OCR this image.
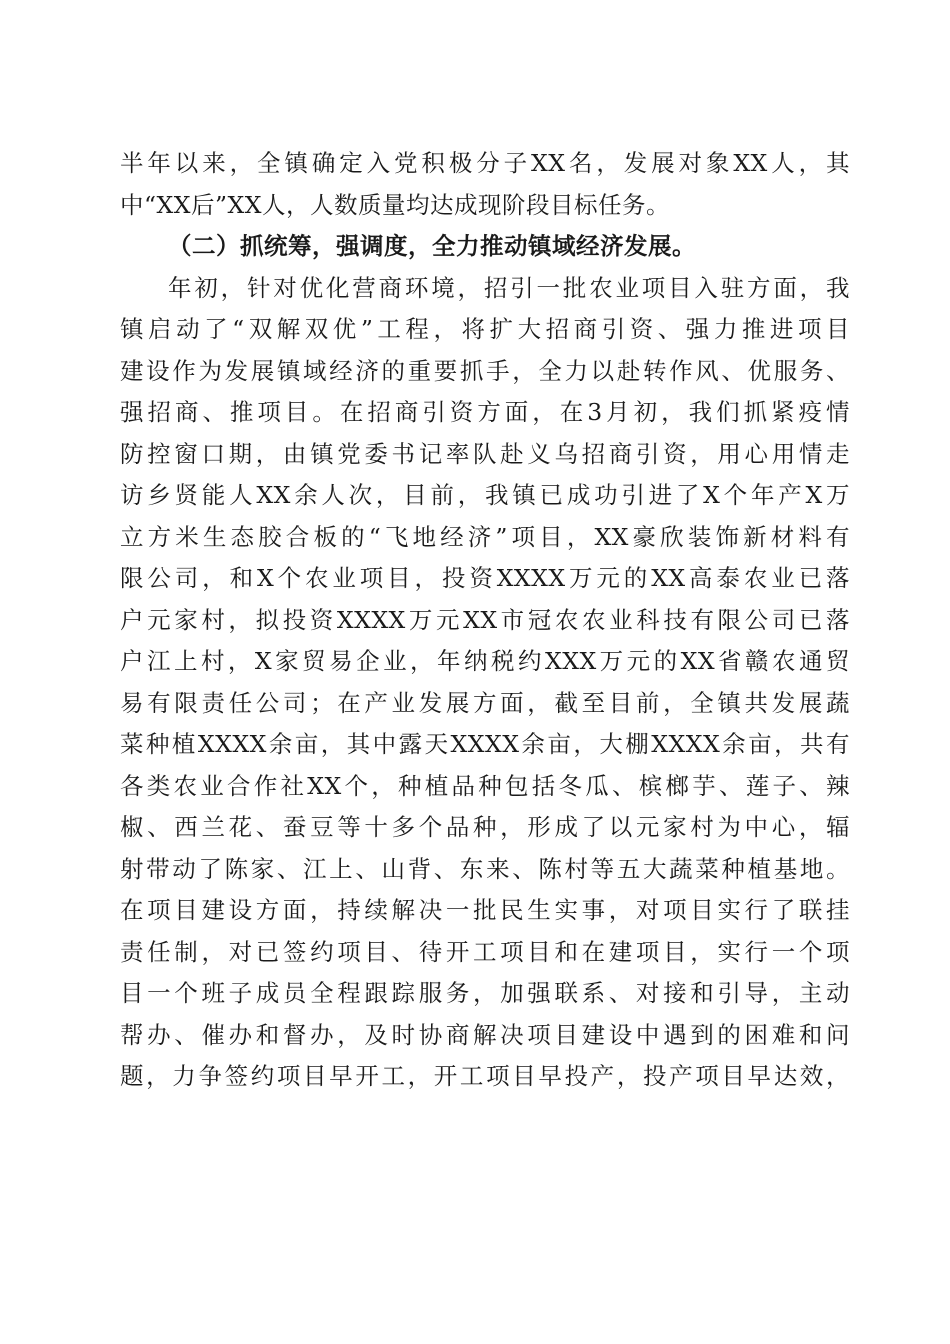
半年以来，全镇确定入党积极分子XX名，发展对象XX人，其
中“XX后”XX人，人数质量均达成现阶段目标任务。
（二）抓统筹，强调度，全力推动镇域经济发展。
年初，针对优化营商环境，招引一批农业项目入驻方面，我
镇启动了“双解双优”工程，将扩大招商引资、强力推进项目
建设作为发展镇域经济的重要抓手，全力以赴转作风、优服务、
强招商、推项目。在招商引资方面，在3月初，我们抓紧疫情
防控窗口期，由镇党委书记率队赴义乌招商引资，用心用情走
访乡贤能人XX余人次，目前，我镇已成功引进了X个年产X万
立方米生态胶合板的“飞地经济”项目，XX豪欣装饰新材料有
限公司，和X个农业项目，投资XXXX万元的XX高泰农业已落
户元家村，拟投资XXXX万元XX市冠农农业科技有限公司已落
户江上村，X家贸易企业，年纳税约XXX万元的XX省赣农通贸
易有限责任公司；在产业发展方面，截至目前，全镇共发展蔬
菜种植XXXX余亩，其中露天XXXX余亩，大棚XXXX余亩，共有
各类农业合作社XX个，种植品种包括冬瓜、槟榔芋、莲子、辣
椒、西兰花、蚕豆等十多个品种，形成了以元家村为中心，辐
射带动了陈家、江上、山背、东来、陈村等五大蔬菜种植基地。
在项目建设方面，持续解决一批民生实事，对项目实行了联挂
责任制，对已签约项目、待开工项目和在建项目，实行一个项
目一个班子成员全程跟踪服务，加强联系、对接和引导，主动
帮办、催办和督办，及时协商解决项目建设中遇到的困难和问
题，力争签约项目早开工，开工项目早投产，投产项目早达效，
